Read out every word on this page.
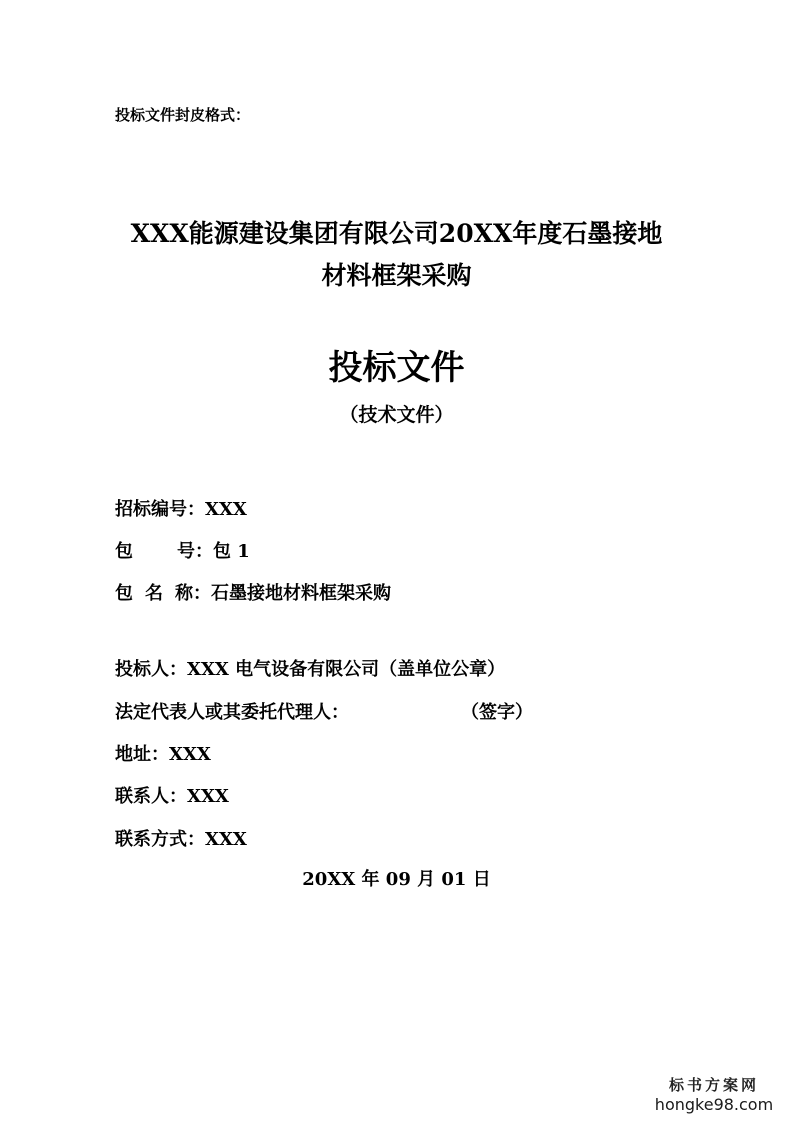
投标文件封皮格式：
XXX能源建设集团有限公司20XX年度石墨接地
材料框架采购
投标文件
（技术文件）
招标编号：XXX
包 号：包 1
包 名 称：石墨接地材料框架采购
投标人：XXX 电气设备有限公司（盖单位公章）
法定代表人或其委托代理人：	（签字）
地址：XXX
联系人：XXX
联系方式：XXX
20XX 年 09 月 01 日
标书方案网
hongke98.com
